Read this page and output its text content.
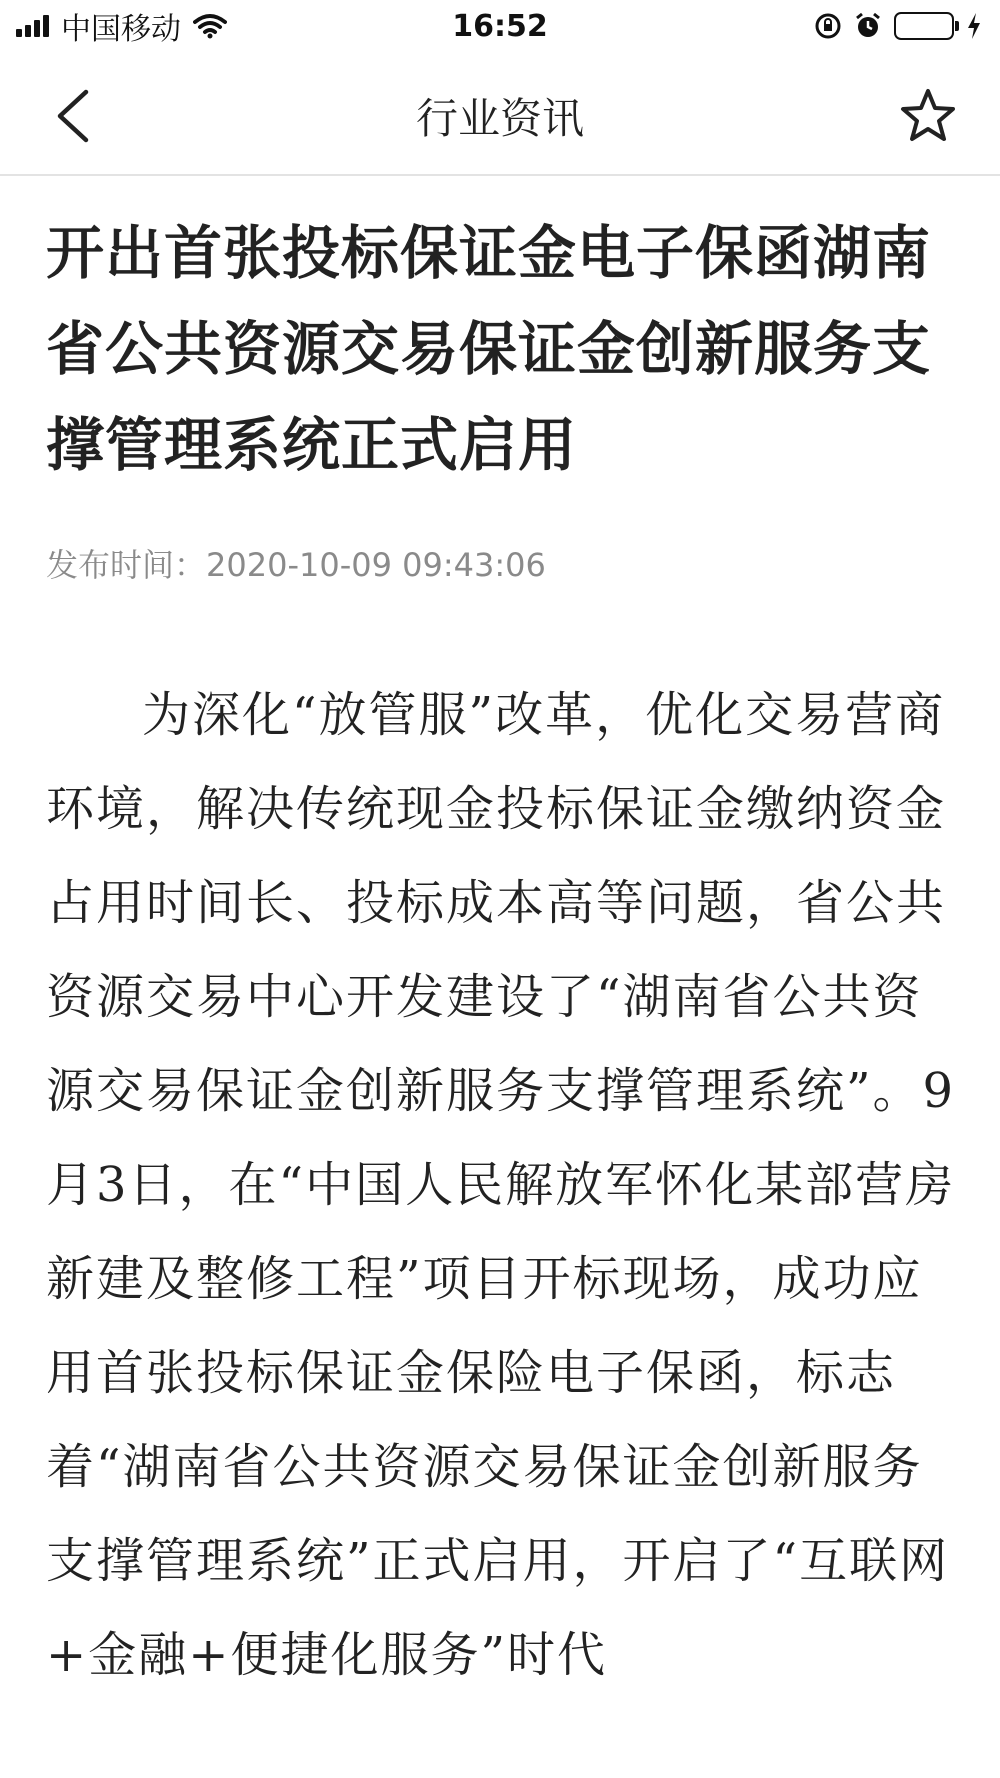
中国移动	16:52
行业资讯
开出首张投标保证金电子保函湖南省公共资源交易保证金创新服务支撑管理系统正式启用
发布时间：2020-10-09 09:43:06

为深化“放管服”改革，优化交易营商环境，解决传统现金投标保证金缴纳资金占用时间长、投标成本高等问题，省公共资源交易中心开发建设了“湖南省公共资源交易保证金创新服务支撑管理系统”。9月3日，在“中国人民解放军怀化某部营房新建及整修工程”项目开标现场，成功应用首张投标保证金保险电子保函，标志着“湖南省公共资源交易保证金创新服务支撑管理系统”正式启用，开启了“互联网+金融+便捷化服务”时代
